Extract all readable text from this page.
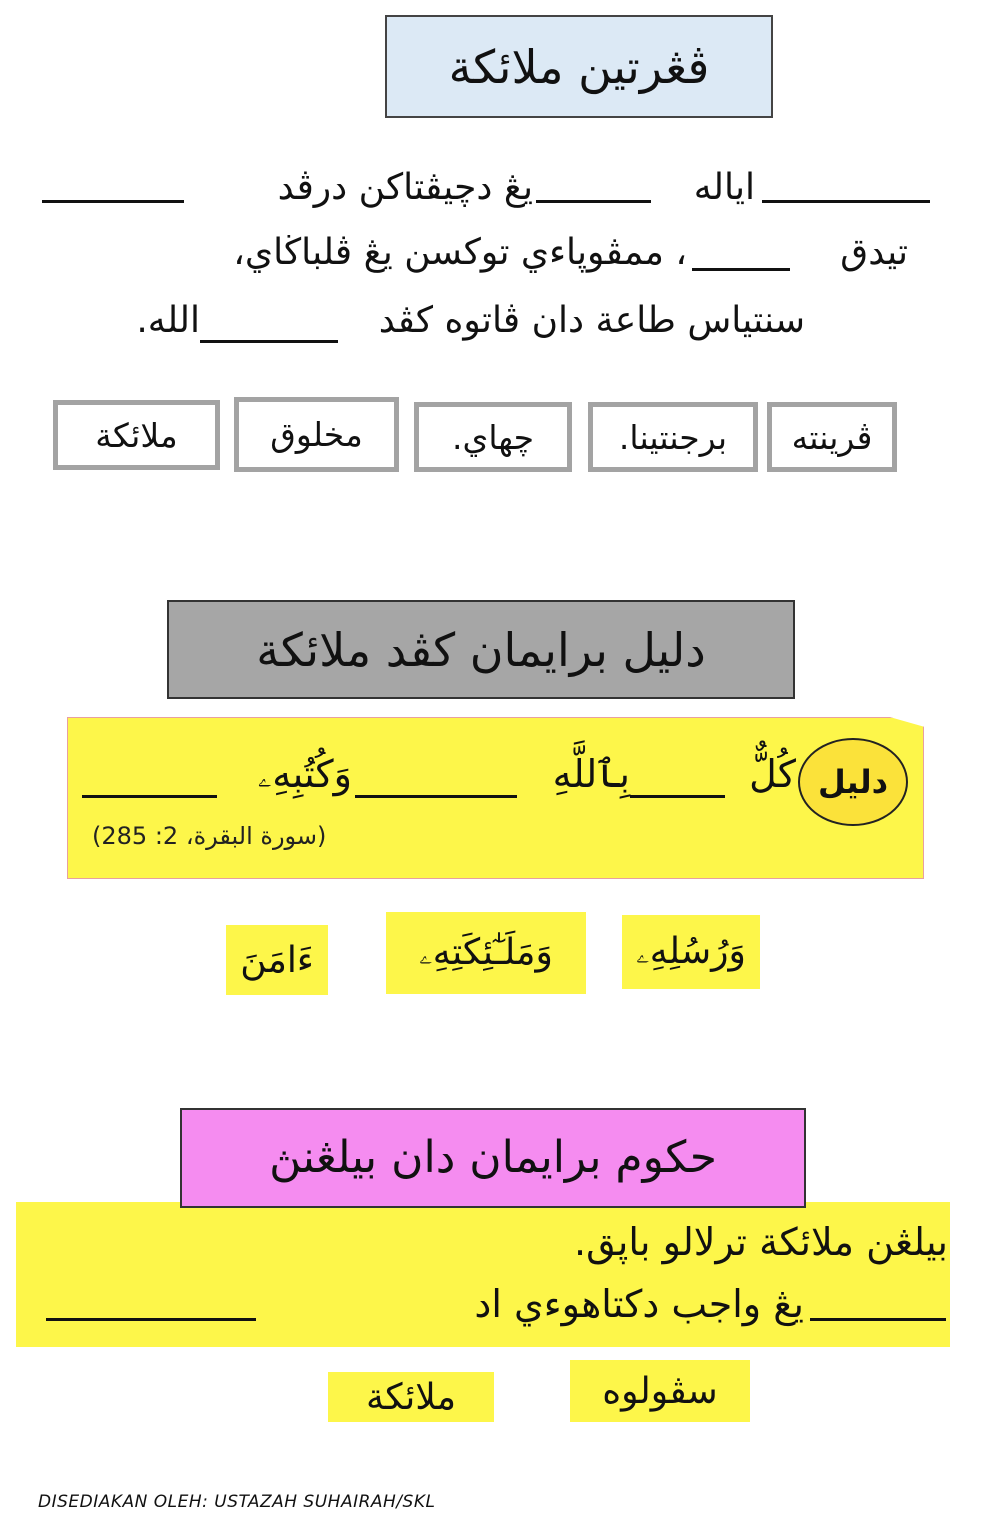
ڤڠرتين ملائكة
اياله
يڠ دچيڤتاكن درڤد
تيدق
، ممڤوڽاءي توكسن يڠ ڤلباڬاي،
سنتياس طاعة دان ڤاتوه كڤد
الله.
ڤرينته
برجنتينا.
چهاي.
مخلوق
ملائكة
دليل برايمان كڤد ملائكة
دليل
كُلٌّ
بِٱللَّهِ
وَكُتُبِهِۦ
(سورة البقرة، 2: 285)
وَرُسُلِهِۦ
وَمَلَـٰٓئِكَتِهِۦ
ءَامَنَ
حكوم برايمان دان بيلڠنڽ
بيلڠن ملائكة ترلالو باڽق.
يڠ واجب دكتاهوءي اد
سڤولوه
ملائكة
DISEDIAKAN OLEH: USTAZAH SUHAIRAH/SKL
